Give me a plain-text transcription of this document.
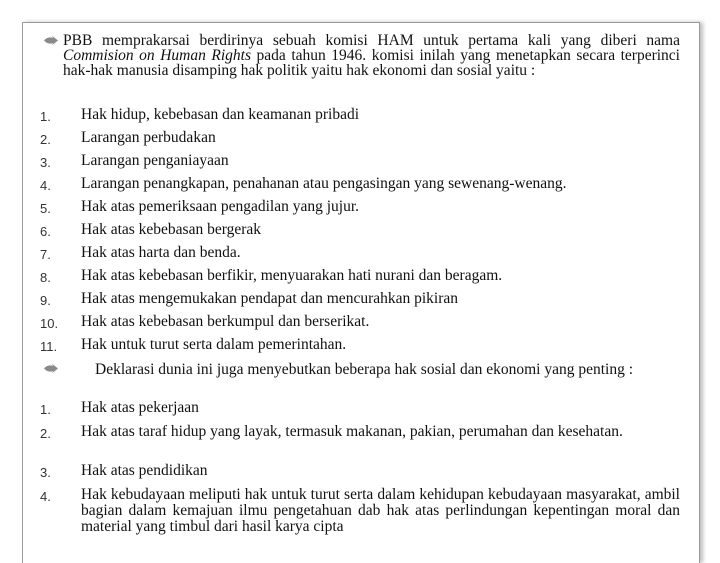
PBB memprakarsai berdirinya sebuah komisi HAM untuk pertama kali yang diberi nama Commision on Human Rights pada tahun 1946. komisi inilah yang menetapkan secara terperinci hak-hak manusia disamping hak politik yaitu hak ekonomi dan sosial yaitu :
1.	Hak hidup, kebebasan dan keamanan pribadi
2.	Larangan perbudakan
3.	Larangan penganiayaan
4.	Larangan penangkapan, penahanan atau pengasingan yang sewenang-wenang.
5.	Hak atas pemeriksaan pengadilan yang jujur.
6.	Hak atas kebebasan bergerak
7.	Hak atas harta dan benda.
8.	Hak atas kebebasan berfikir, menyuarakan hati nurani dan beragam.
9.	Hak atas mengemukakan pendapat dan mencurahkan pikiran
10.	Hak atas kebebasan berkumpul dan berserikat.
11.	Hak untuk turut serta dalam pemerintahan.
Deklarasi dunia ini juga menyebutkan beberapa hak sosial dan ekonomi yang penting :
1.	Hak atas pekerjaan
2.	Hak atas taraf hidup yang layak, termasuk makanan, pakian, perumahan dan kesehatan.
3.	Hak atas pendidikan
4.	Hak kebudayaan meliputi hak untuk turut serta dalam kehidupan kebudayaan masyarakat, ambil bagian dalam kemajuan ilmu pengetahuan dab hak atas perlindungan kepentingan moral dan material yang timbul dari hasil karya cipta
